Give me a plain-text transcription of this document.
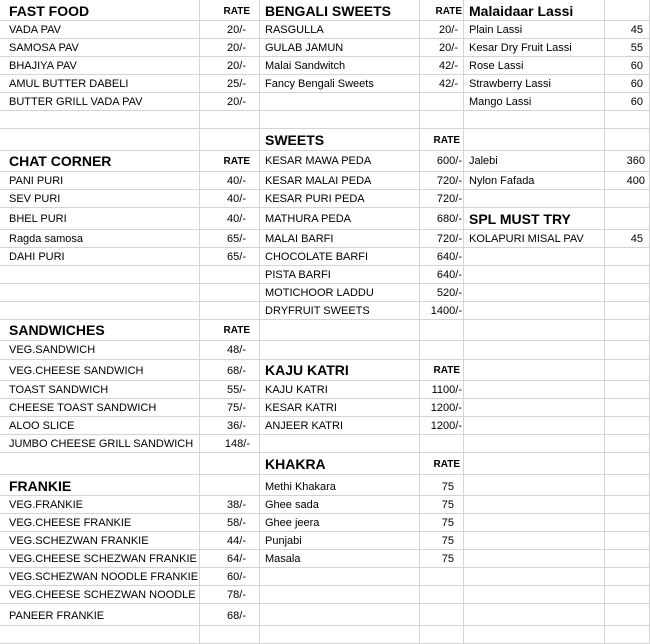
FAST FOOD	RATE
VADA PAV	20/-
SAMOSA PAV	20/-
BHAJIYA PAV	20/-
AMUL BUTTER DABELI	25/-
BUTTER GRILL VADA PAV	20/-
CHAT CORNER	RATE
PANI PURI	40/-
SEV PURI	40/-
BHEL PURI	40/-
Ragda samosa	65/-
DAHI PURI	65/-
SANDWICHES	RATE
VEG.SANDWICH	48/-
VEG.CHEESE SANDWICH	68/-
TOAST SANDWICH	55/-
CHEESE TOAST SANDWICH	75/-
ALOO SLICE	36/-
JUMBO CHEESE GRILL SANDWICH	148/-
FRANKIE
VEG.FRANKIE	38/-
VEG.CHEESE FRANKIE	58/-
VEG.SCHEZWAN FRANKIE	44/-
VEG.CHEESE SCHEZWAN FRANKIE	64/-
VEG.SCHEZWAN NOODLE FRANKIE	60/-
VEG.CHEESE SCHEZWAN NOODLE	78/-
PANEER FRANKIE	68/-
BENGALI SWEETS	RATE
RASGULLA	20/-
GULAB JAMUN	20/-
Malai Sandwitch	42/-
Fancy Bengali Sweets	42/-
SWEETS	RATE
KESAR MAWA PEDA	600/-
KESAR MALAI PEDA	720/-
KESAR PURI PEDA	720/-
MATHURA PEDA	680/-
MALAI BARFI	720/-
CHOCOLATE BARFI	640/-
PISTA BARFI	640/-
MOTICHOOR LADDU	520/-
DRYFRUIT SWEETS	1400/-
KAJU KATRI	RATE
KAJU KATRI	1100/-
KESAR KATRI	1200/-
ANJEER KATRI	1200/-
KHAKRA	RATE
Methi Khakara	75
Ghee sada	75
Ghee jeera	75
Punjabi	75
Masala	75
Malaidaar Lassi
Plain Lassi	45
Kesar Dry Fruit Lassi	55
Rose Lassi	60
Strawberry Lassi	60
Mango Lassi	60
Jalebi	360
Nylon Fafada	400
SPL MUST TRY
KOLAPURI MISAL PAV	45
